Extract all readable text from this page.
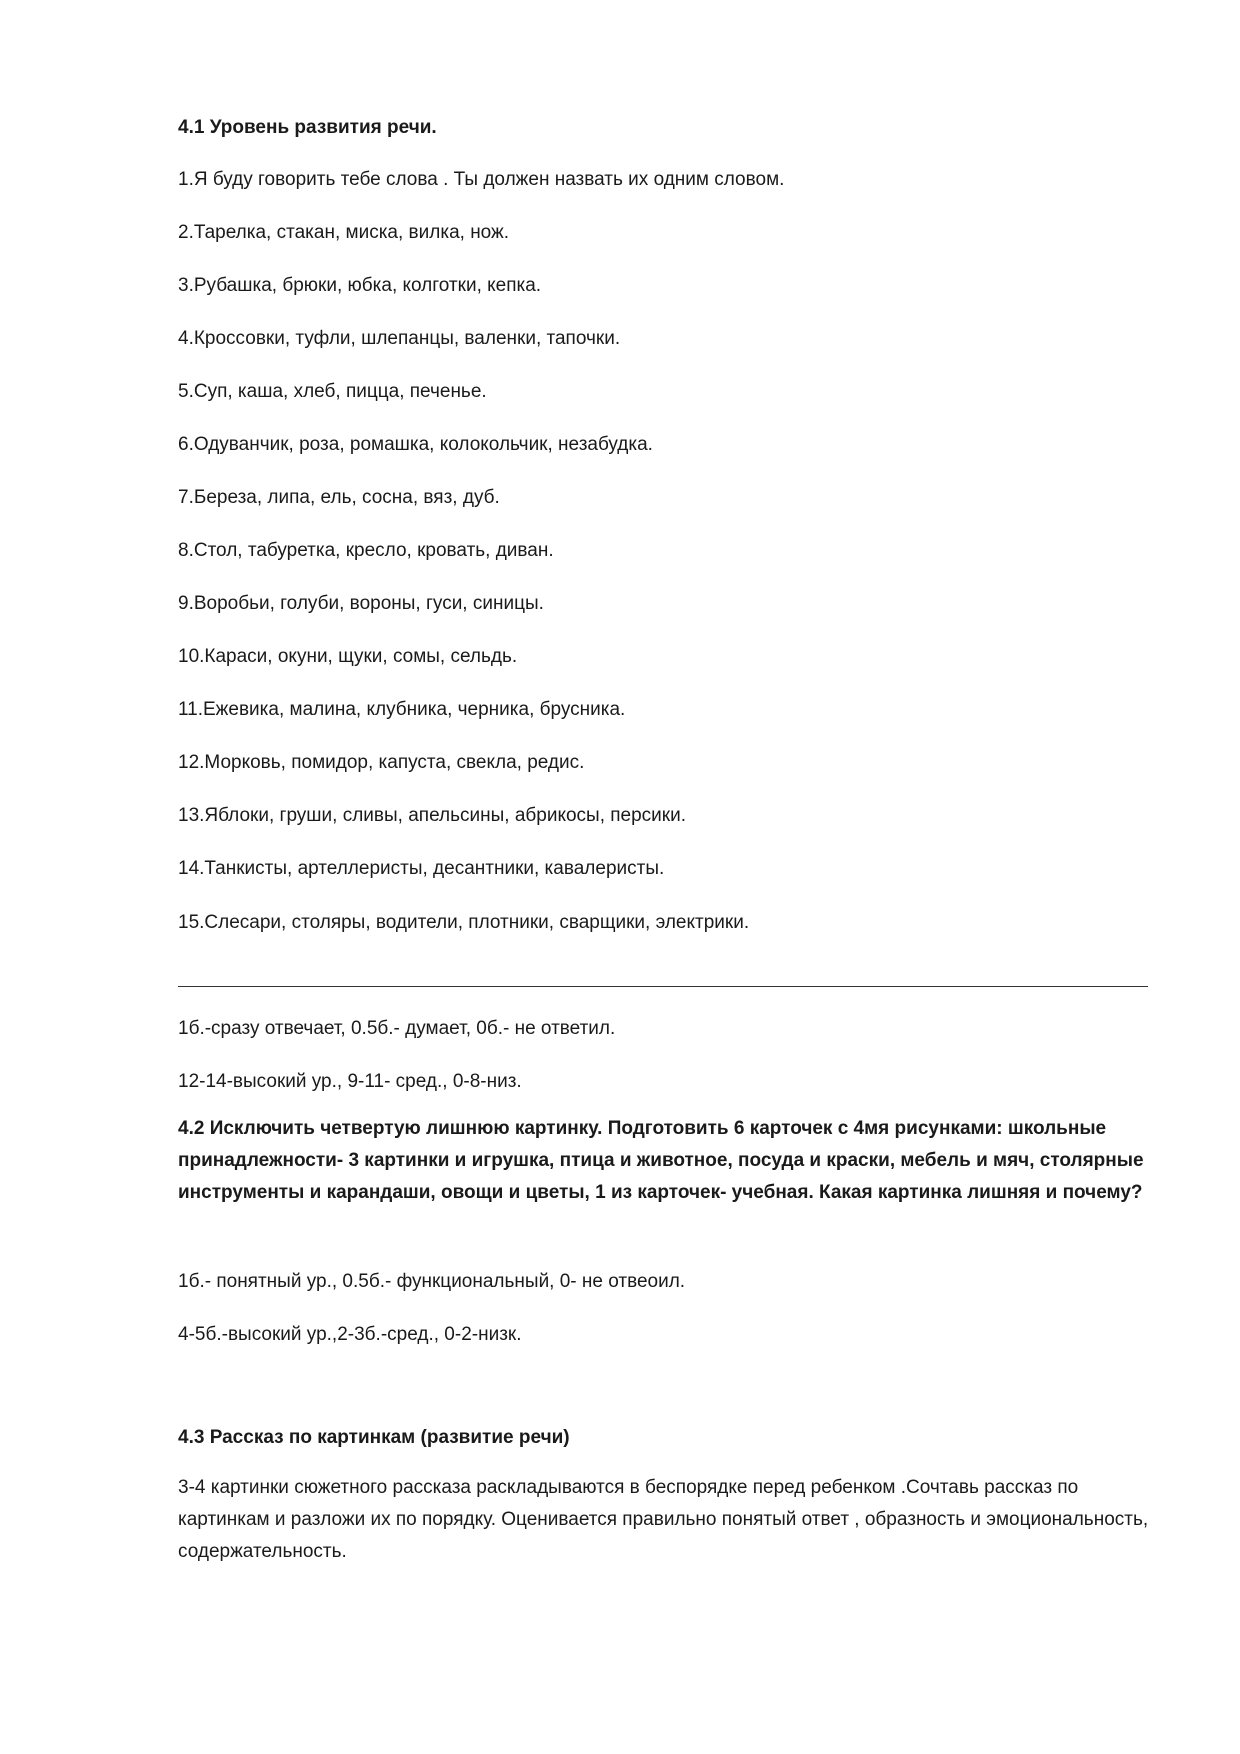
4.1 Уровень развития речи.
1.Я буду говорить тебе слова . Ты должен назвать их одним словом.
2.Тарелка, стакан, миска, вилка, нож.
3.Рубашка, брюки, юбка, колготки, кепка.
4.Кроссовки, туфли, шлепанцы, валенки, тапочки.
5.Суп, каша, хлеб, пицца, печенье.
6.Одуванчик, роза, ромашка, колокольчик, незабудка.
7.Береза, липа, ель, сосна, вяз, дуб.
8.Стол, табуретка, кресло, кровать, диван.
9.Воробьи, голуби, вороны, гуси, синицы.
10.Караси, окуни, щуки, сомы, сельдь.
11.Ежевика, малина, клубника, черника, брусника.
12.Морковь, помидор, капуста, свекла, редис.
13.Яблоки, груши, сливы, апельсины, абрикосы, персики.
14.Танкисты, артеллеристы, десантники, кавалеристы.
15.Слесари, столяры, водители, плотники, сварщики, электрики.
1б.-сразу отвечает, 0.5б.- думает, 0б.- не ответил.
12-14-высокий ур., 9-11- сред., 0-8-низ.
4.2 Исключить четвертую лишнюю картинку. Подготовить 6 карточек с 4мя рисунками: школьные принадлежности- 3 картинки и игрушка, птица и животное, посуда и краски, мебель и мяч, столярные инструменты и карандаши, овощи и цветы, 1 из карточек- учебная. Какая картинка лишняя и почему?
1б.- понятный ур., 0.5б.- функциональный, 0- не отвеоил.
4-5б.-высокий ур.,2-3б.-сред., 0-2-низк.
4.3 Рассказ по картинкам (развитие речи)
3-4 картинки сюжетного рассказа раскладываются в беспорядке перед ребенком .Сочтавь рассказ по картинкам и разложи их по порядку. Оценивается правильно понятый ответ , образность и эмоциональность, содержательность.
